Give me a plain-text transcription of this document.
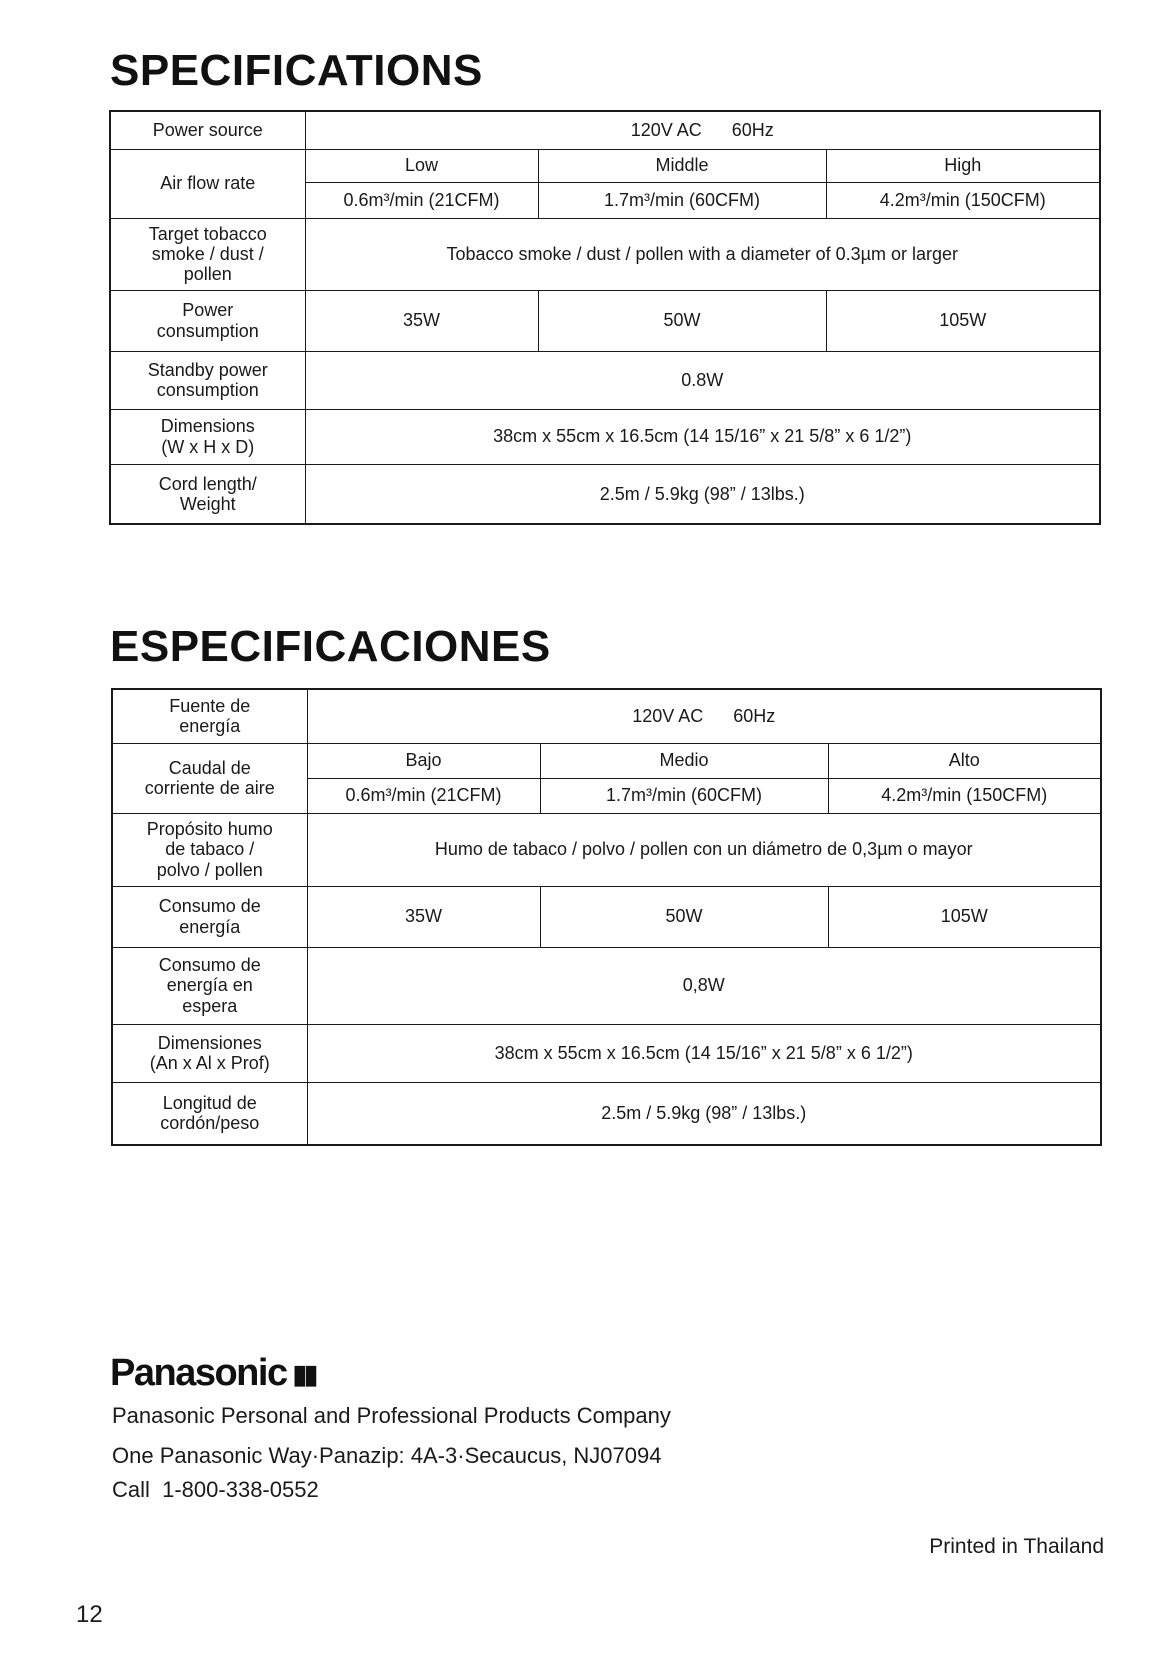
SPECIFICATIONS
Power source	120V AC      60Hz		
Air flow rate	Low	Middle	High
	0.6m³/min (21CFM)	1.7m³/min (60CFM)	4.2m³/min (150CFM)

Target tobacco
smoke / dust /
pollen	Tobacco smoke / dust / pollen with a diameter of 0.3µm or larger		

Power
consumption	35W	50W	105W

Standby power
consumption	0.8W		

Dimensions
(W x H x D)	38cm x 55cm x 16.5cm (14 15/16” x 21 5/8” x 6 1/2”)		

Cord length/
Weight	2.5m / 5.9kg (98” / 13lbs.)		
ESPECIFICACIONES
Fuente de
energía	120V AC      60Hz		

Caudal de
corriente de aire	Bajo	Medio	Alto
	0.6m³/min (21CFM)	1.7m³/min (60CFM)	4.2m³/min (150CFM)

Propósito humo
de tabaco /
polvo / pollen	Humo de tabaco / polvo / pollen con un diámetro de 0,3µm o mayor		

Consumo de
energía	35W	50W	105W

Consumo de
energía en
espera	0,8W		

Dimensiones
(An x Al x Prof)	38cm x 55cm x 16.5cm (14 15/16” x 21 5/8” x 6 1/2”)		

Longitud de
cordón/peso	2.5m / 5.9kg (98” / 13lbs.)		
Panasonic ▮▮

Panasonic Personal and Professional Products Company

One Panasonic Way·Panazip: 4A-3·Secaucus, NJ07094

Call  1-800-338-0552

Printed in Thailand
12
